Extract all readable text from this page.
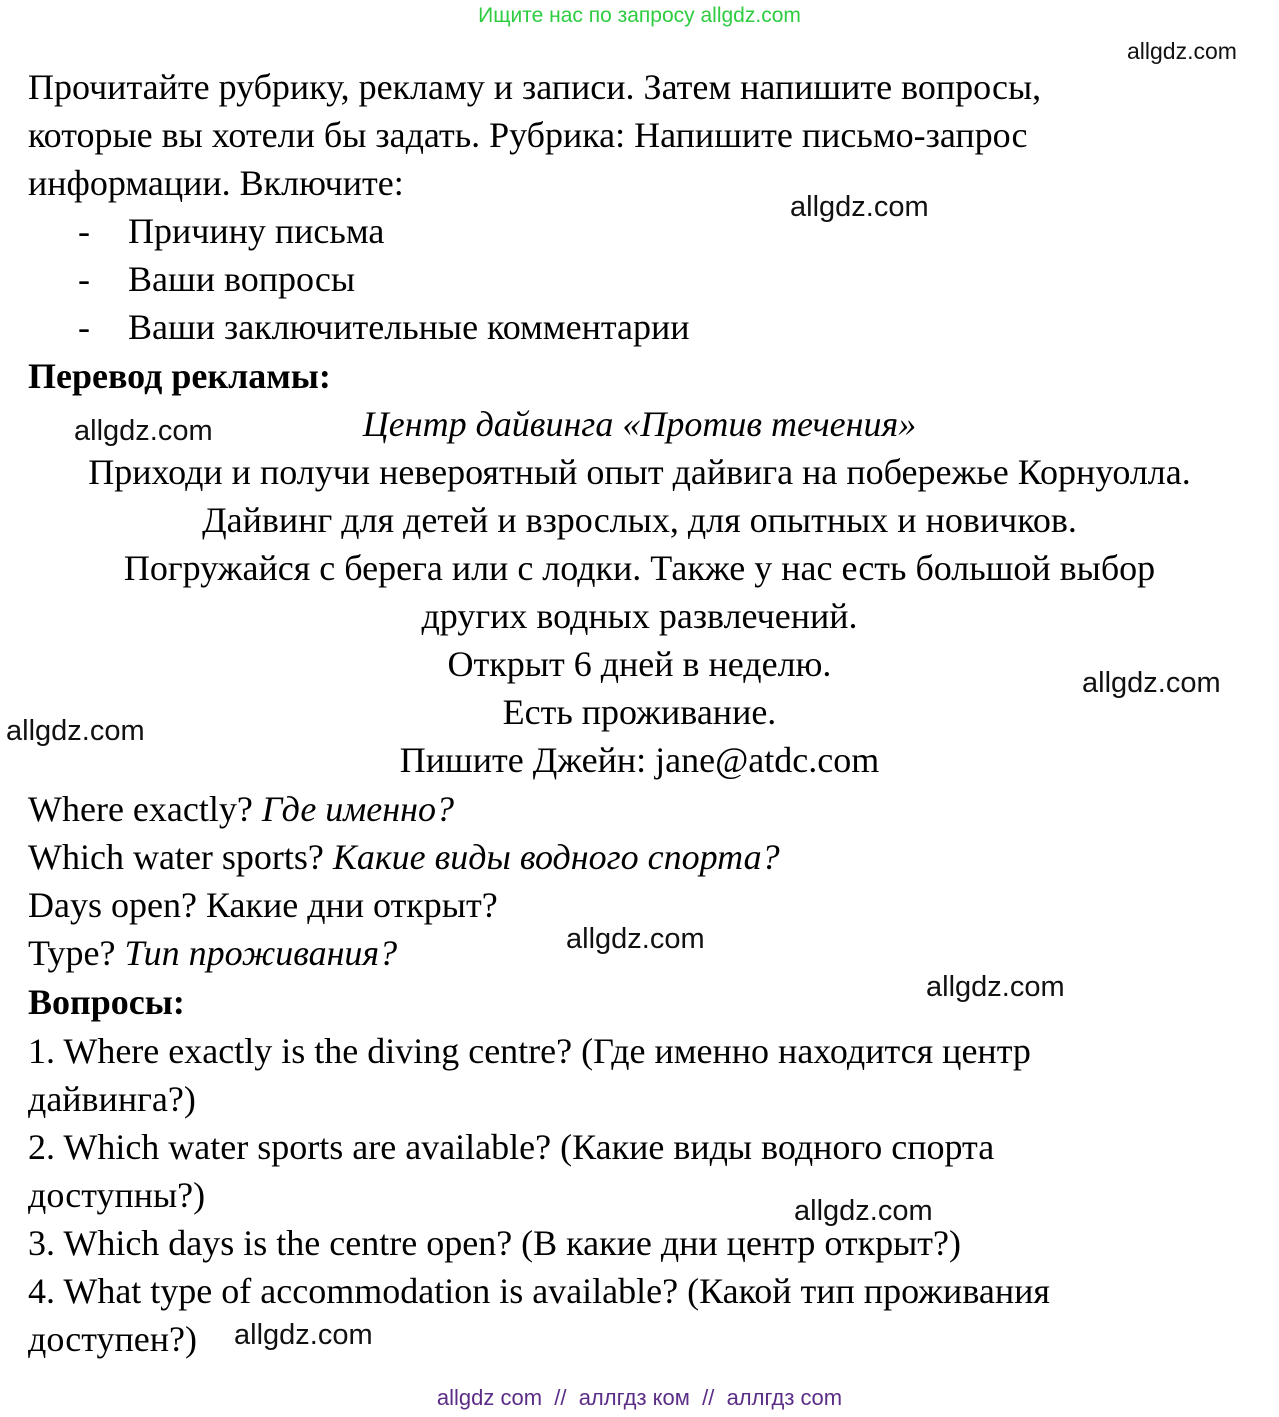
Ищите нас по запросу allgdz.com
allgdz.com
allgdz.com
allgdz.com
allgdz.com
allgdz.com
allgdz.com
allgdz.com
allgdz.com
allgdz.com
Прочитайте рубрику, рекламу и записи. Затем напишите вопросы,
которые вы хотели бы задать. Рубрика: Напишите письмо-запрос
информации. Включите:
- Причину письма
- Ваши вопросы
- Ваши заключительные комментарии
Перевод рекламы:
Центр дайвинга «Против течения»
Приходи и получи невероятный опыт дайвига на побережье Корнуолла.
Дайвинг для детей и взрослых, для опытных и новичков.
Погружайся с берега или с лодки. Также у нас есть большой выбор
других водных развлечений.
Открыт 6 дней в неделю.
Есть проживание.
Пишите Джейн: jane@atdc.com
Where exactly? Где именно?
Which water sports? Какие виды водного спорта?
Days open? Какие дни открыт?
Type? Тип проживания?
Вопросы:
1. Where exactly is the diving centre? (Где именно находится центр
дайвинга?)
2. Which water sports are available? (Какие виды водного спорта
доступны?)
3. Which days is the centre open? (В какие дни центр открыт?)
4. What type of accommodation is available? (Какой тип проживания
доступен?)
allgdz com  //  аллгдз ком  //  аллгдз com
